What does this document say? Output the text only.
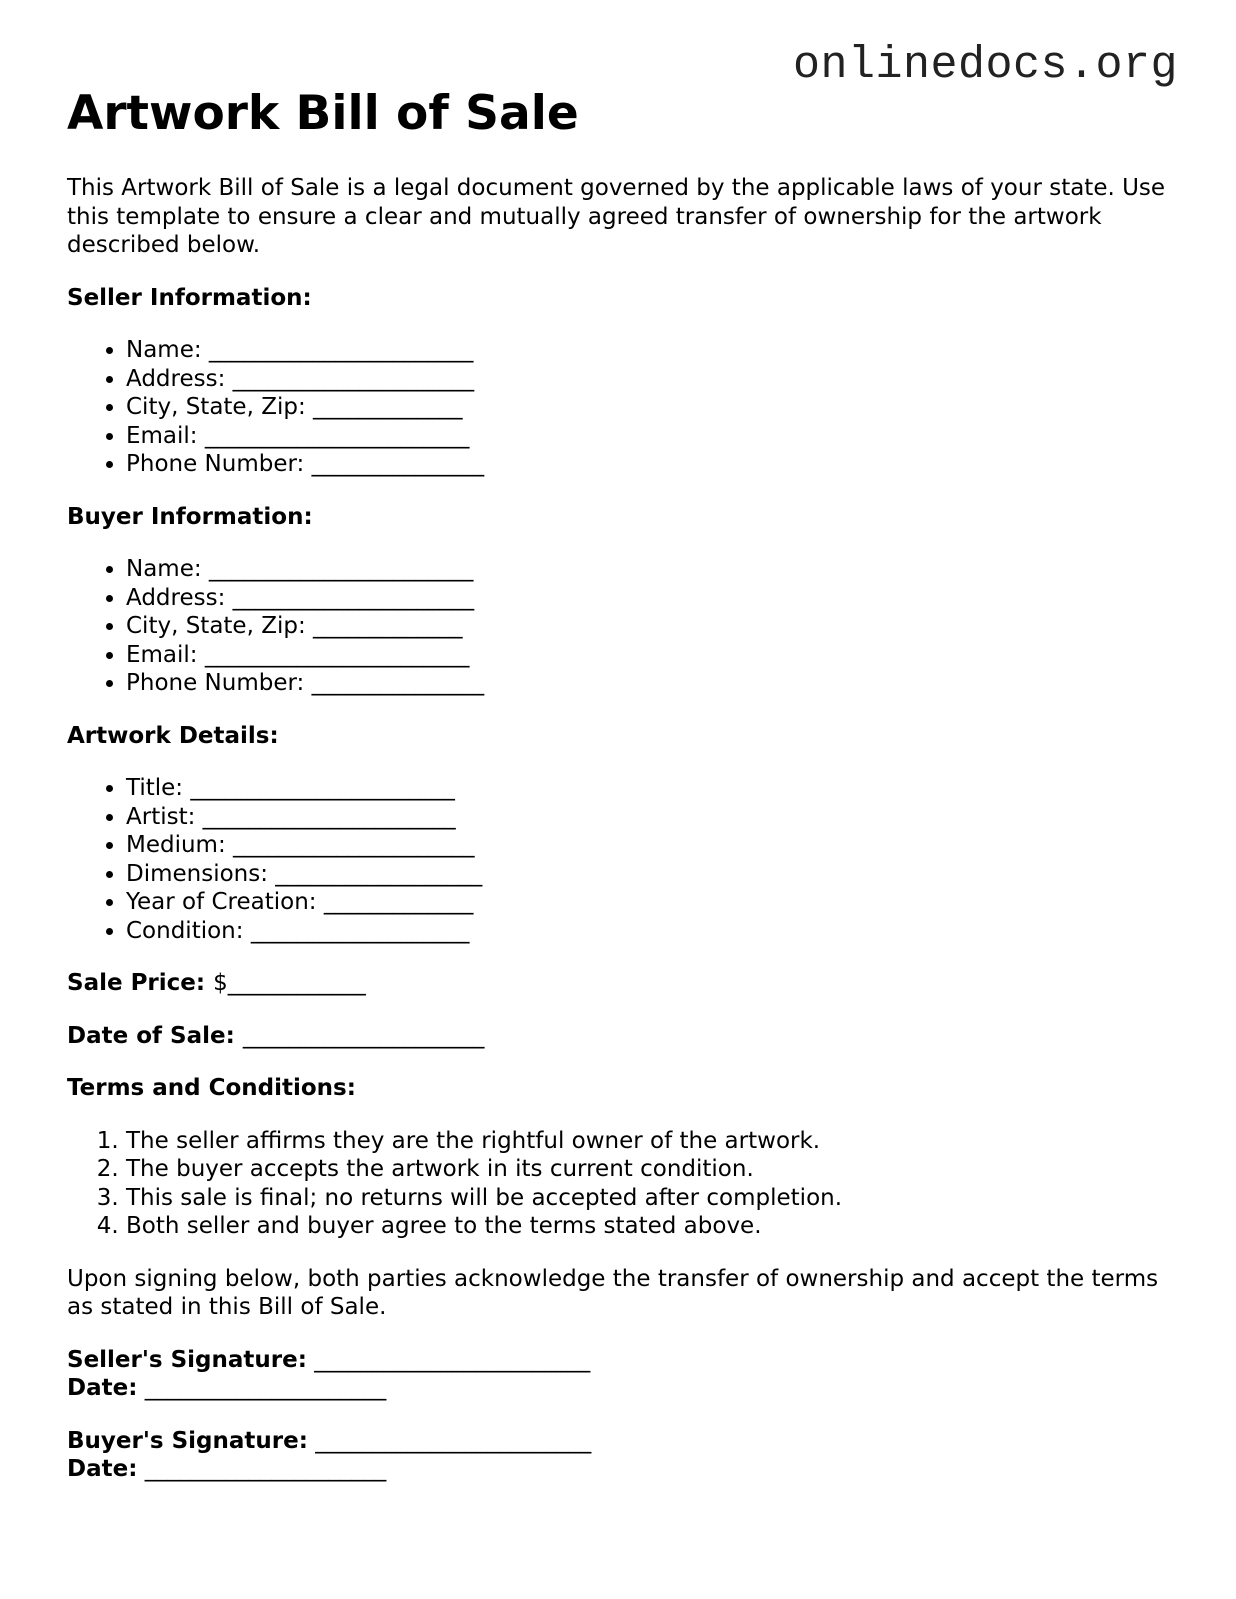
onlinedocs.org
Artwork Bill of Sale

This Artwork Bill of Sale is a legal document governed by the applicable laws of your state. Use this template to ensure a clear and mutually agreed transfer of ownership for the artwork described below.

Seller Information:

• Name: _______________________
• Address: _____________________
• City, State, Zip: _____________
• Email: _______________________
• Phone Number: _______________

Buyer Information:

• Name: _______________________
• Address: _____________________
• City, State, Zip: _____________
• Email: _______________________
• Phone Number: _______________

Artwork Details:

• Title: _______________________
• Artist: ______________________
• Medium: _____________________
• Dimensions: __________________
• Year of Creation: _____________
• Condition: ___________________

Sale Price: $____________

Date of Sale: _____________________

Terms and Conditions:

1. The seller affirms they are the rightful owner of the artwork.
2. The buyer accepts the artwork in its current condition.
3. This sale is final; no returns will be accepted after completion.
4. Both seller and buyer agree to the terms stated above.

Upon signing below, both parties acknowledge the transfer of ownership and accept the terms as stated in this Bill of Sale.

Seller's Signature: ________________________
Date: _____________________
Buyer's Signature: ________________________
Date: _____________________
